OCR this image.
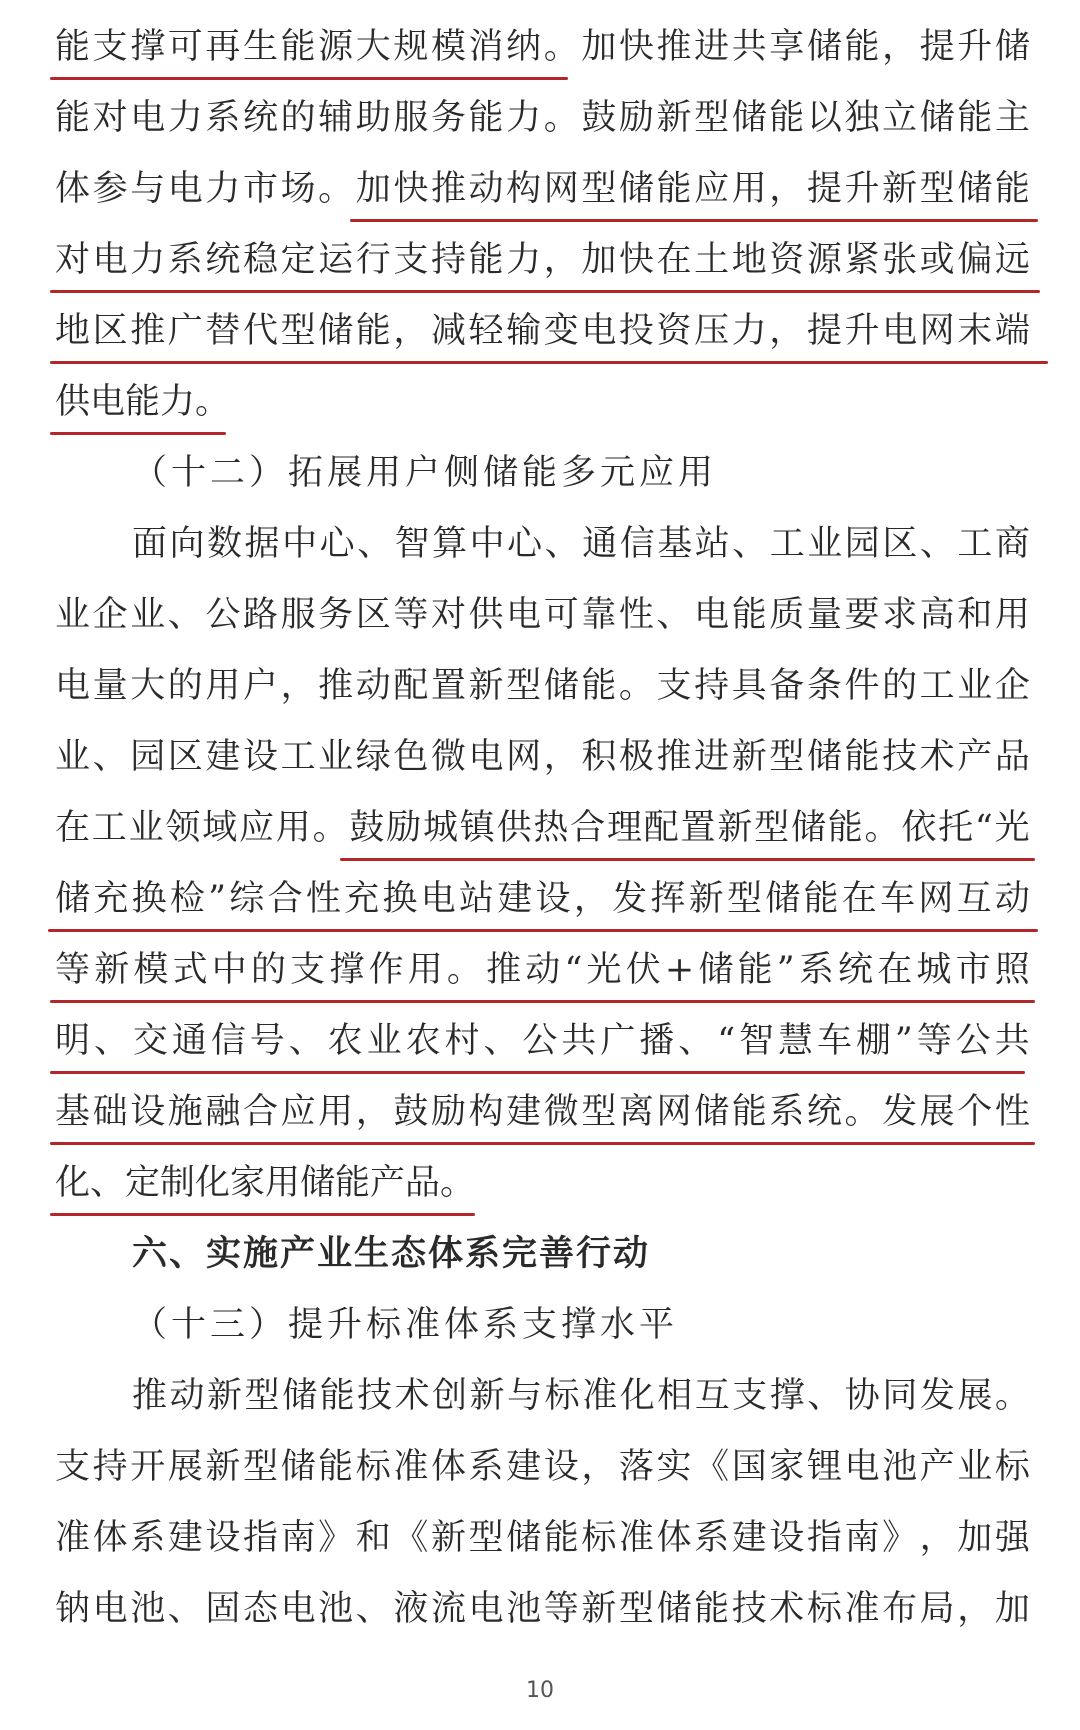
能 支 撑 可 再 生 能 源 大 规 模 消 纳 。 加 快 推 进 共 享 储 能 ， 提 升 储
能 对 电 力 系 统 的 辅 助 服 务 能 力 。 鼓 励 新 型 储 能 以 独 立 储 能 主
体 参 与 电 力 市 场 。 加 快 推 动 构 网 型 储 能 应 用 ， 提 升 新 型 储 能
对 电 力 系 统 稳 定 运 行 支 持 能 力 ， 加 快 在 土 地 资 源 紧 张 或 偏 远
地 区 推 广 替 代 型 储 能 ， 减 轻 输 变 电 投 资 压 力 ， 提 升 电 网 末 端
供电能力。
（十二）拓展用户侧储能多元应用
面 向 数 据 中 心 、 智 算 中 心 、 通 信 基 站 、 工 业 园 区 、 工 商
业 企 业 、 公 路 服 务 区 等 对 供 电 可 靠 性 、 电 能 质 量 要 求 高 和 用
电 量 大 的 用 户 ， 推 动 配 置 新 型 储 能 。 支 持 具 备 条 件 的 工 业 企
业 、 园 区 建 设 工 业 绿 色 微 电 网 ， 积 极 推 进 新 型 储 能 技 术 产 品
在 工 业 领 域 应 用 。 鼓 励 城 镇 供 热 合 理 配 置 新 型 储 能 。 依 托 “ 光
储 充 换 检 ” 综 合 性 充 换 电 站 建 设 ， 发 挥 新 型 储 能 在 车 网 互 动
等 新 模 式 中 的 支 撑 作 用 。 推 动 “ 光 伏 + 储 能 ” 系 统 在 城 市 照
明 、 交 通 信 号 、 农 业 农 村 、 公 共 广 播 、 “ 智 慧 车 棚 ” 等 公 共
基 础 设 施 融 合 应 用 ， 鼓 励 构 建 微 型 离 网 储 能 系 统 。 发 展 个 性
化、定制化家用储能产品。
六、实施产业生态体系完善行动
（十三）提升标准体系支撑水平
推 动 新 型 储 能 技 术 创 新 与 标 准 化 相 互 支 撑 、 协 同 发 展 。
支 持 开 展 新 型 储 能 标 准 体 系 建 设 ， 落 实 《 国 家 锂 电 池 产 业 标
准 体 系 建 设 指 南 》 和 《 新 型 储 能 标 准 体 系 建 设 指 南 》 ， 加 强
钠 电 池 、 固 态 电 池 、 液 流 电 池 等 新 型 储 能 技 术 标 准 布 局 ， 加
10
